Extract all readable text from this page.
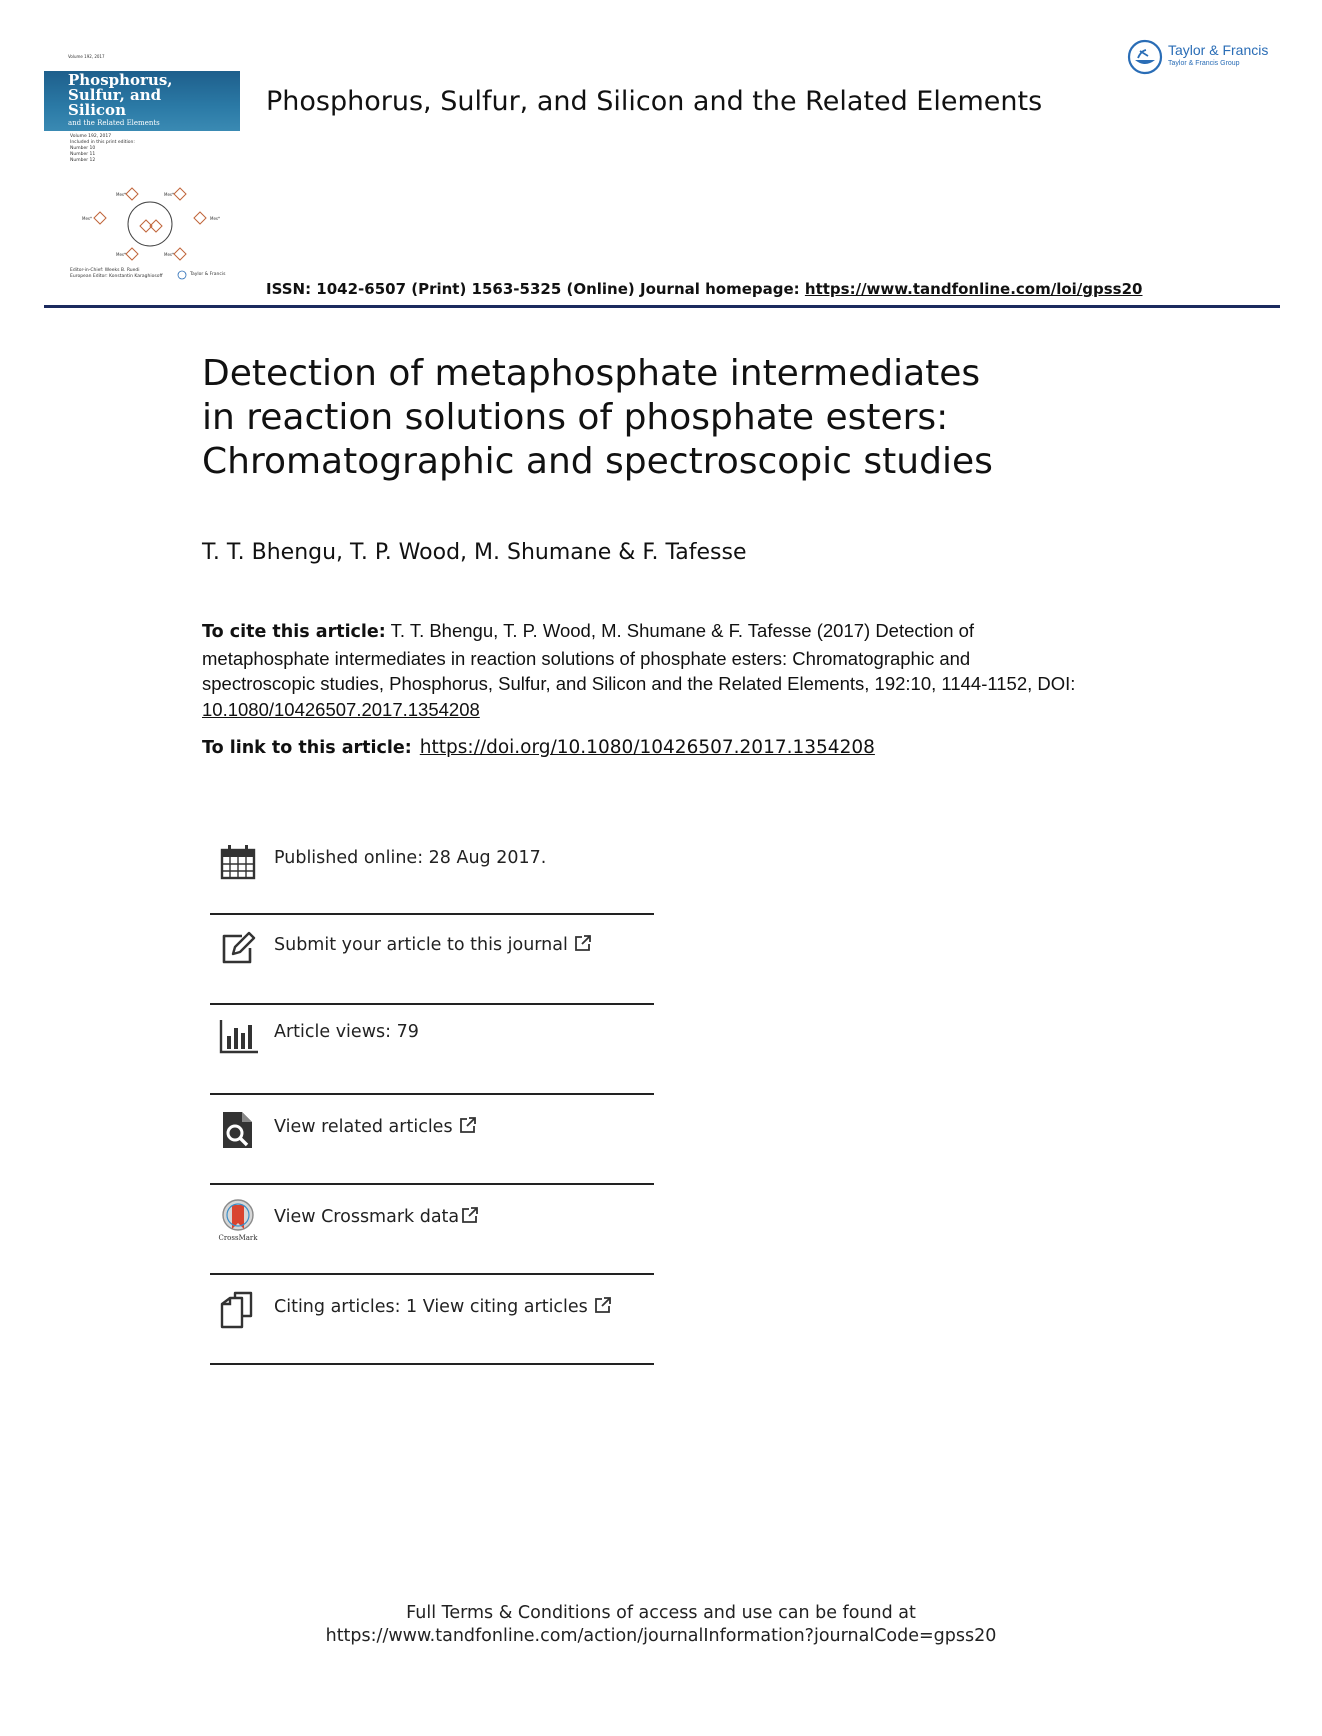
Volume 192, 2017
Phosphorus,
Sulfur, and
Silicon
and the Related Elements
Volume 192, 2017
Included in this print edition:
Number 10
Number 11
Number 12
Mes*	Mes*
Mes*	Mes*
Mes*	Mes*
Editor-in-Chief: Weeks B. Ruedi
European Editor: Konstantin Karaghiosoff	Taylor & Francis
Taylor & Francis
Taylor & Francis Group
Phosphorus, Sulfur, and Silicon and the Related Elements
ISSN: 1042-6507 (Print) 1563-5325 (Online) Journal homepage: https://www.tandfonline.com/loi/gpss20
Detection of metaphosphate intermediates
in reaction solutions of phosphate esters:
Chromatographic and spectroscopic studies
T. T. Bhengu, T. P. Wood, M. Shumane & F. Tafesse
To cite this article: T. T. Bhengu, T. P. Wood, M. Shumane & F. Tafesse (2017) Detection of metaphosphate intermediates in reaction solutions of phosphate esters: Chromatographic and spectroscopic studies, Phosphorus, Sulfur, and Silicon and the Related Elements, 192:10, 1144-1152, DOI: 10.1080/10426507.2017.1354208
To link to this article: https://doi.org/10.1080/10426507.2017.1354208
Published online: 28 Aug 2017.
Submit your article to this journal
Article views: 79
View related articles
CrossMark
View Crossmark data
Citing articles: 1 View citing articles
Full Terms & Conditions of access and use can be found at
https://www.tandfonline.com/action/journalInformation?journalCode=gpss20
